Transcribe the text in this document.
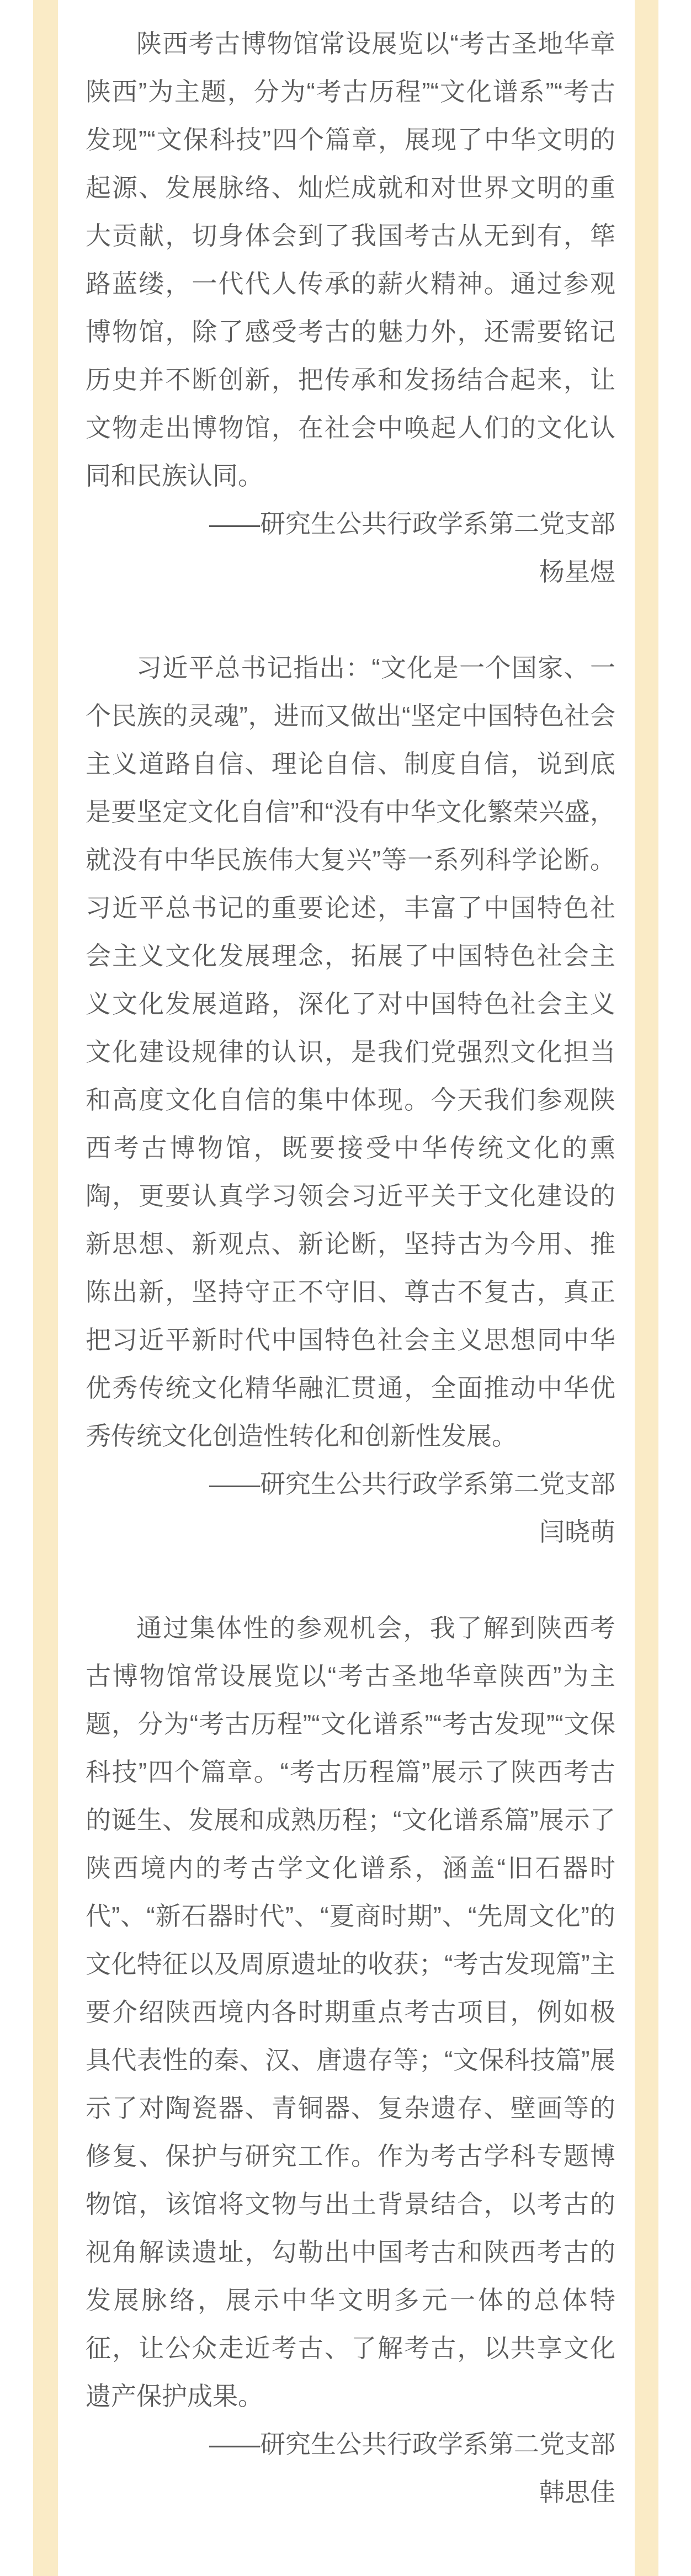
陕西考古博物馆常设展览以“考古圣地华章陕西”为主题，分为“考古历程”“文化谱系”“考古发现”“文保科技”四个篇章，展现了中华文明的起源、发展脉络、灿烂成就和对世界文明的重大贡献，切身体会到了我国考古从无到有，筚路蓝缕，一代代人传承的薪火精神。通过参观博物馆，除了感受考古的魅力外，还需要铭记历史并不断创新，把传承和发扬结合起来，让文物走出博物馆，在社会中唤起人们的文化认同和民族认同。

——研究生公共行政学系第二党支部

杨星煜

习近平总书记指出：“文化是一个国家、一个民族的灵魂”，进而又做出“坚定中国特色社会主义道路自信、理论自信、制度自信，说到底是要坚定文化自信”和“没有中华文化繁荣兴盛，就没有中华民族伟大复兴”等一系列科学论断。习近平总书记的重要论述，丰富了中国特色社会主义文化发展理念，拓展了中国特色社会主义文化发展道路，深化了对中国特色社会主义文化建设规律的认识，是我们党强烈文化担当和高度文化自信的集中体现。今天我们参观陕西考古博物馆，既要接受中华传统文化的熏陶，更要认真学习领会习近平关于文化建设的新思想、新观点、新论断，坚持古为今用、推陈出新，坚持守正不守旧、尊古不复古，真正把习近平新时代中国特色社会主义思想同中华优秀传统文化精华融汇贯通，全面推动中华优秀传统文化创造性转化和创新性发展。

——研究生公共行政学系第二党支部

闫晓萌

通过集体性的参观机会，我了解到陕西考古博物馆常设展览以“考古圣地华章陕西”为主题，分为“考古历程”“文化谱系”“考古发现”“文保科技”四个篇章。“考古历程篇”展示了陕西考古的诞生、发展和成熟历程；“文化谱系篇”展示了陕西境内的考古学文化谱系，涵盖“旧石器时代”、“新石器时代”、“夏商时期”、“先周文化”的文化特征以及周原遗址的收获；“考古发现篇”主要介绍陕西境内各时期重点考古项目，例如极具代表性的秦、汉、唐遗存等；“文保科技篇”展示了对陶瓷器、青铜器、复杂遗存、壁画等的修复、保护与研究工作。作为考古学科专题博物馆，该馆将文物与出土背景结合，以考古的视角解读遗址，勾勒出中国考古和陕西考古的发展脉络，展示中华文明多元一体的总体特征，让公众走近考古、了解考古，以共享文化遗产保护成果。

——研究生公共行政学系第二党支部

韩思佳
